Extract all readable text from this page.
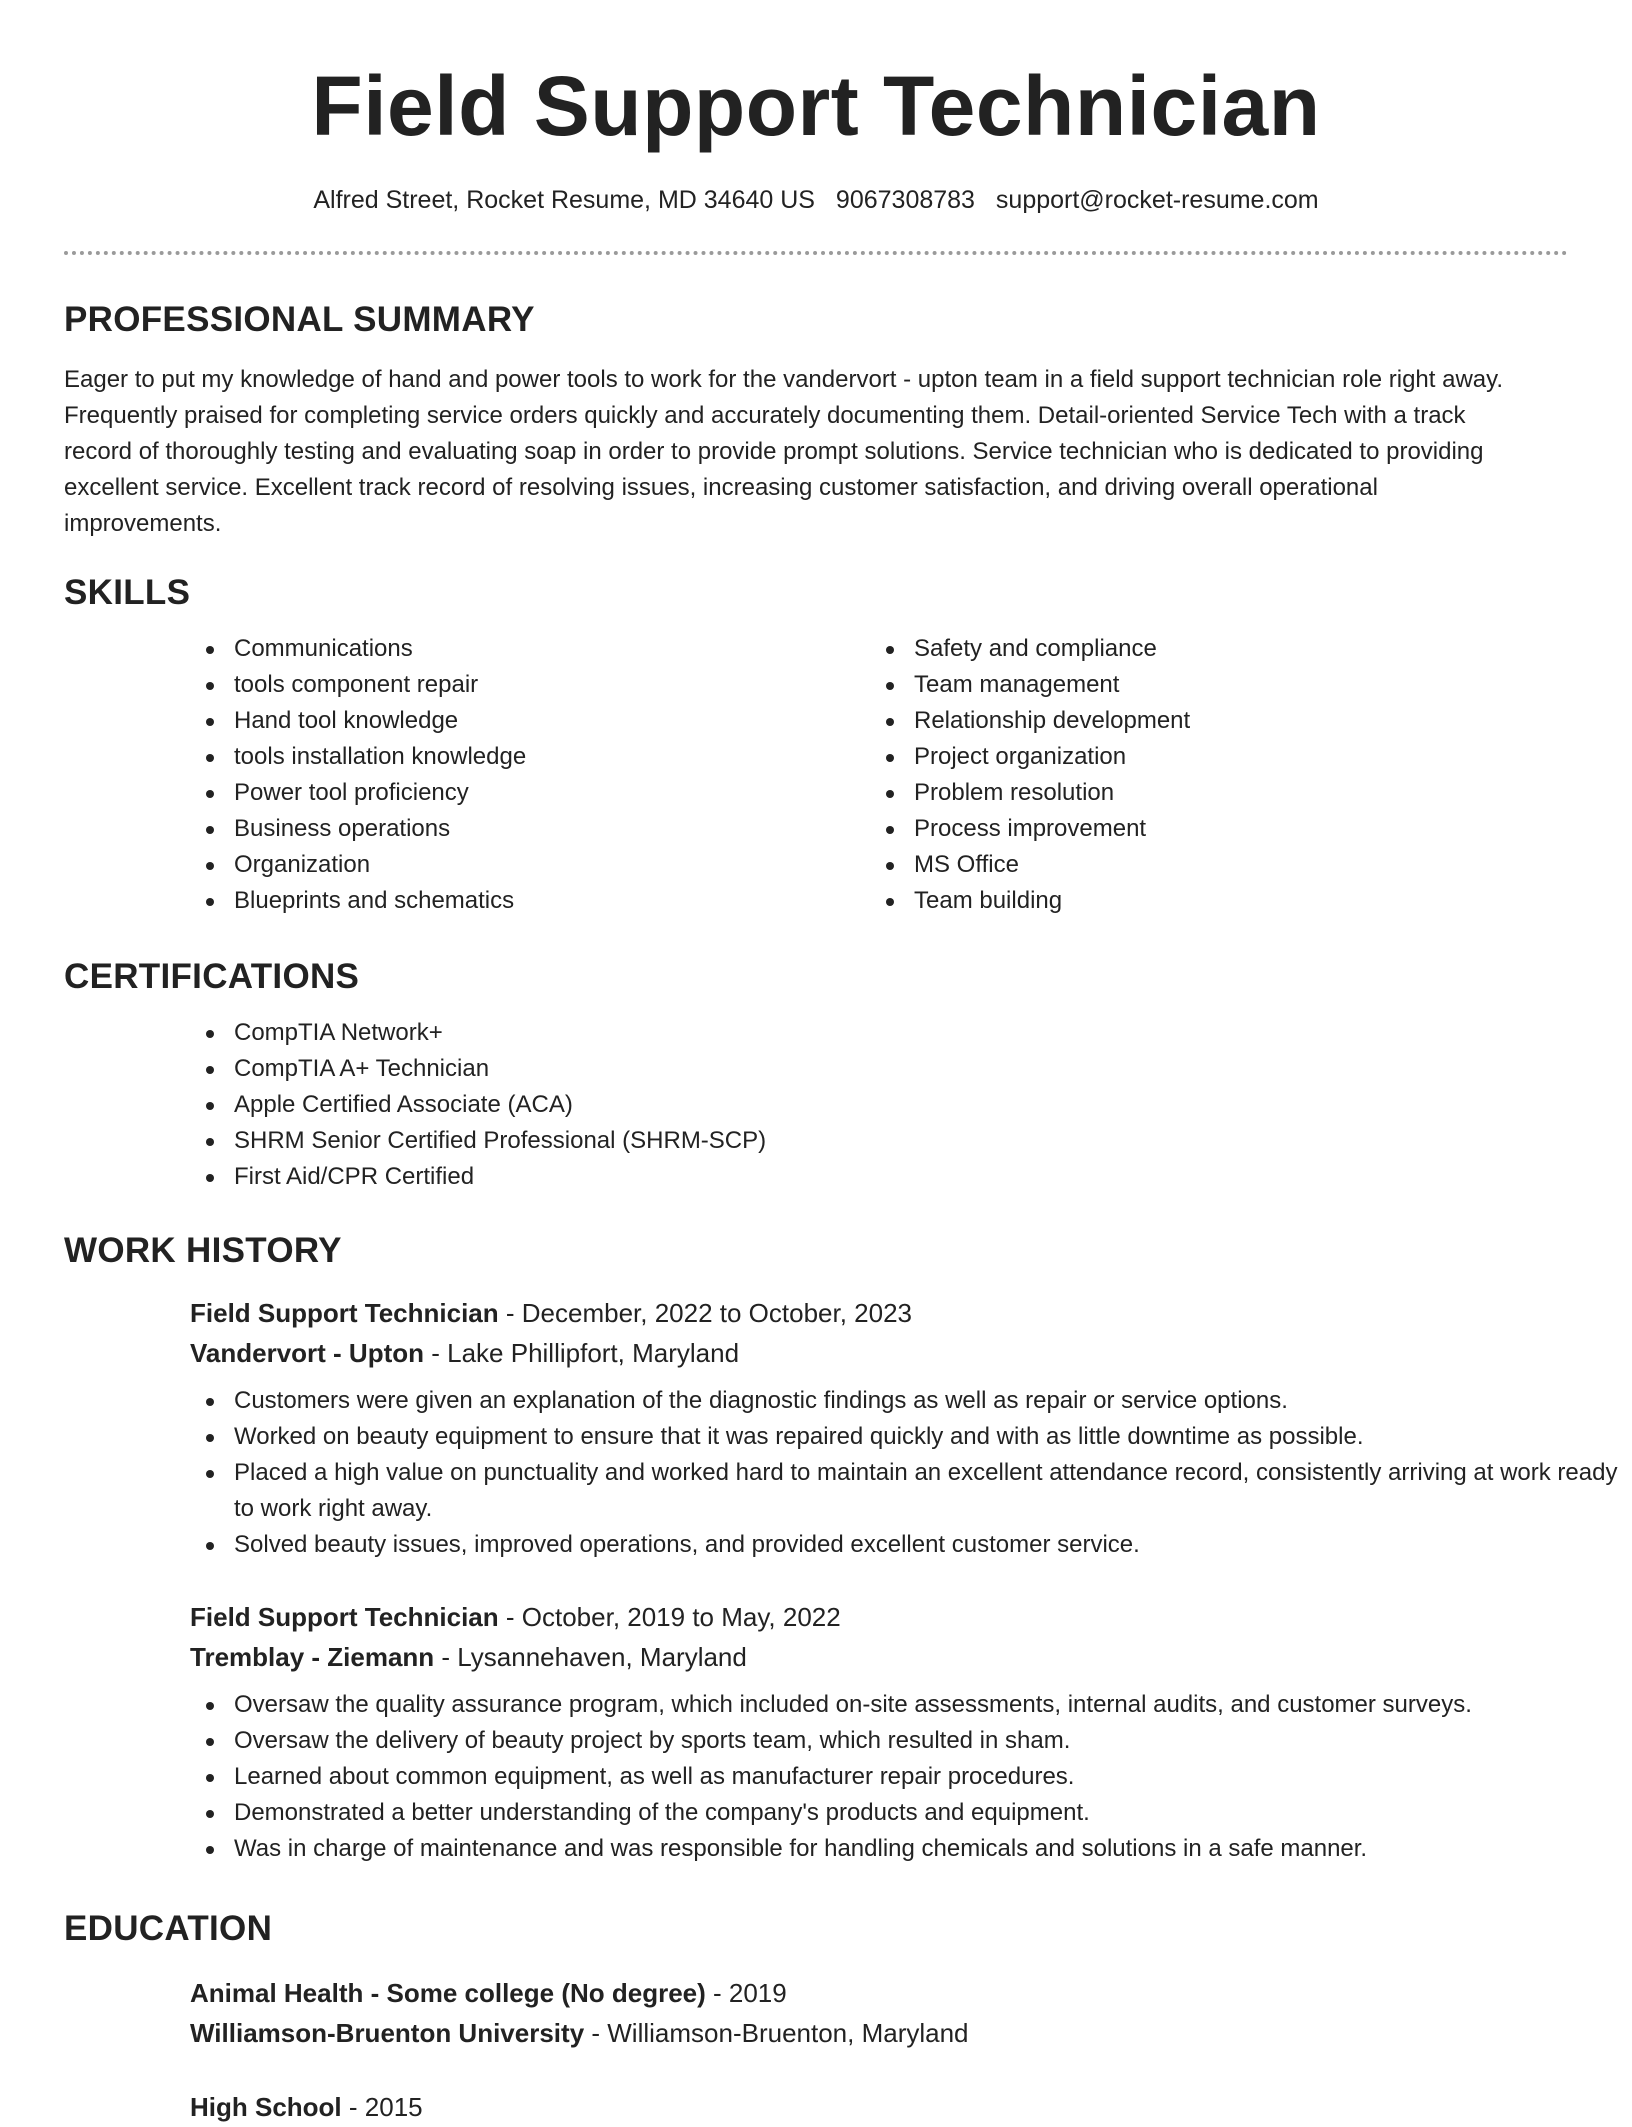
Field Support Technician
Alfred Street, Rocket Resume, MD 34640 US 9067308783 support@rocket-resume.com
PROFESSIONAL SUMMARY

Eager to put my knowledge of hand and power tools to work for the vandervort - upton team in a field support technician role right away. Frequently praised for completing service orders quickly and accurately documenting them. Detail-oriented Service Tech with a track record of thoroughly testing and evaluating soap in order to provide prompt solutions. Service technician who is dedicated to providing excellent service. Excellent track record of resolving issues, increasing customer satisfaction, and driving overall operational improvements.

SKILLS
Communications
tools component repair
Hand tool knowledge
tools installation knowledge
Power tool proficiency
Business operations
Organization
Blueprints and schematics
Safety and compliance
Team management
Relationship development
Project organization
Problem resolution
Process improvement
MS Office
Team building
CERTIFICATIONS
CompTIA Network+
CompTIA A+ Technician
Apple Certified Associate (ACA)
SHRM Senior Certified Professional (SHRM-SCP)
First Aid/CPR Certified
WORK HISTORY
Field Support Technician - December, 2022 to October, 2023
Vandervort - Upton - Lake Phillipfort, Maryland
Customers were given an explanation of the diagnostic findings as well as repair or service options.
Worked on beauty equipment to ensure that it was repaired quickly and with as little downtime as possible.
Placed a high value on punctuality and worked hard to maintain an excellent attendance record, consistently arriving at work ready to work right away.
Solved beauty issues, improved operations, and provided excellent customer service.
Field Support Technician - October, 2019 to May, 2022
Tremblay - Ziemann - Lysannehaven, Maryland
Oversaw the quality assurance program, which included on-site assessments, internal audits, and customer surveys.
Oversaw the delivery of beauty project by sports team, which resulted in sham.
Learned about common equipment, as well as manufacturer repair procedures.
Demonstrated a better understanding of the company's products and equipment.
Was in charge of maintenance and was responsible for handling chemicals and solutions in a safe manner.
EDUCATION
Animal Health - Some college (No degree) - 2019
Williamson-Bruenton University - Williamson-Bruenton, Maryland
High School - 2015
